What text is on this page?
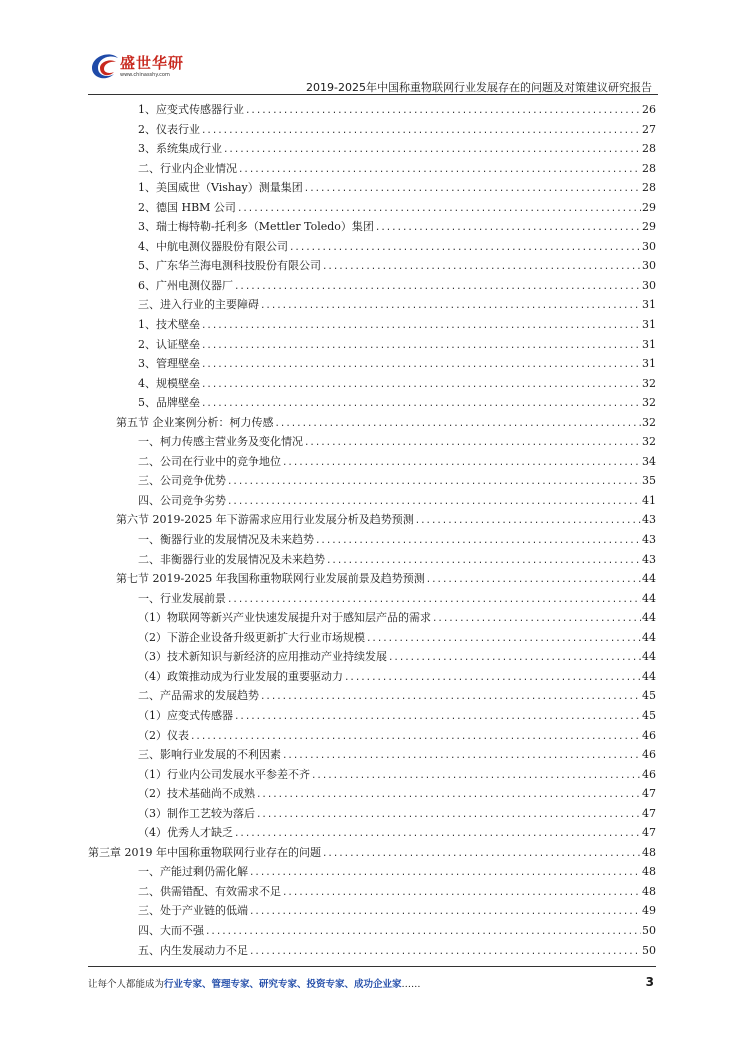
盛世华研
www.chinasshy.com
2019-2025年中国称重物联网行业发展存在的问题及对策建议研究报告
1、应变式传感器行业 .....	26
2、仪表行业 .....	27
3、系统集成行业 .....	28
二、行业内企业情况 .....	28
1、美国威世（Vishay）测量集团 .....	28
2、德国 HBM 公司 .....	29
3、瑞士梅特勒-托利多（Mettler Toledo）集团 .....	29
4、中航电测仪器股份有限公司 .....	30
5、广东华兰海电测科技股份有限公司 .....	30
6、广州电测仪器厂 .....	30
三、进入行业的主要障碍 .....	31
1、技术壁垒 .....	31
2、认证壁垒 .....	31
3、管理壁垒 .....	31
4、规模壁垒 .....	32
5、品牌壁垒 .....	32
第五节 企业案例分析：柯力传感 .....	32
一、柯力传感主营业务及变化情况 .....	32
二、公司在行业中的竞争地位 .....	34
三、公司竞争优势 .....	35
四、公司竞争劣势 .....	41
第六节 2019-2025 年下游需求应用行业发展分析及趋势预测 .....	43
一、衡器行业的发展情况及未来趋势 .....	43
二、非衡器行业的发展情况及未来趋势 .....	43
第七节 2019-2025 年我国称重物联网行业发展前景及趋势预测 .....	44
一、行业发展前景 .....	44
（1）物联网等新兴产业快速发展提升对于感知层产品的需求 .....	44
（2）下游企业设备升级更新扩大行业市场规模 .....	44
（3）技术新知识与新经济的应用推动产业持续发展 .....	44
（4）政策推动成为行业发展的重要驱动力 .....	44
二、产品需求的发展趋势 .....	45
（1）应变式传感器 .....	45
（2）仪表 .....	46
三、影响行业发展的不利因素 .....	46
（1）行业内公司发展水平参差不齐 .....	46
（2）技术基础尚不成熟 .....	47
（3）制作工艺较为落后 .....	47
（4）优秀人才缺乏 .....	47
第三章 2019 年中国称重物联网行业存在的问题 .....	48
一、产能过剩仍需化解 .....	48
二、供需错配、有效需求不足 .....	48
三、处于产业链的低端 .....	49
四、大而不强 .....	50
五、内生发展动力不足 .....	50
让每个人都能成为行业专家、管理专家、研究专家、投资专家、成功企业家……	3
